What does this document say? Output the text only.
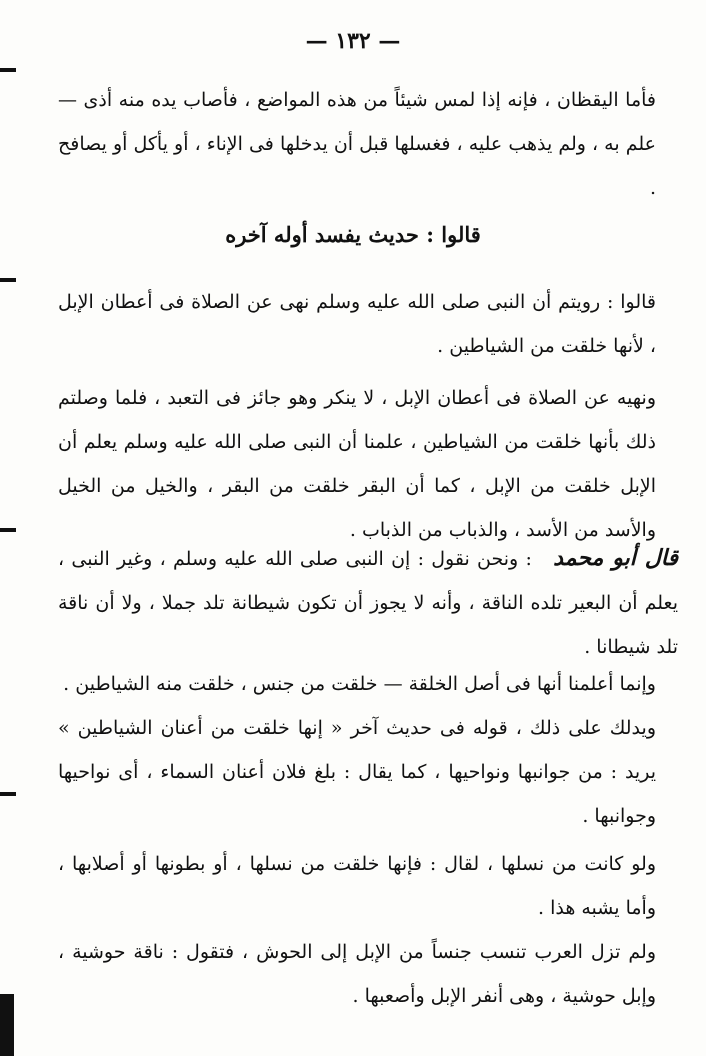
— ١٣٢ —

فأما اليقظان ، فإنه إذا لمس شيئاً من هذه المواضع ، فأصاب يده منه أذى — علم به ، ولم يذهب عليه ، فغسلها قبل أن يدخلها فى الإناء ، أو يأكل أو يصافح .

قالوا : حديث يفسد أوله آخره

قالوا : رويتم أن النبى صلى الله عليه وسلم نهى عن الصلاة فى أعطان الإبل ، لأنها خلقت من الشياطين .

ونهيه عن الصلاة فى أعطان الإبل ، لا ينكر وهو جائز فى التعبد ، فلما وصلتم ذلك بأنها خلقت من الشياطين ، علمنا أن النبى صلى الله عليه وسلم يعلم أن الإبل خلقت من الإبل ، كما أن البقر خلقت من البقر ، والخيل من الخيل والأسد من الأسد ، والذباب من الذباب .

قال أبو محمد : ونحن نقول : إن النبى صلى الله عليه وسلم ، وغير النبى ، يعلم أن البعير تلده الناقة ، وأنه لا يجوز أن تكون شيطانة تلد جملا ، ولا أن ناقة تلد شيطانا .

وإنما أعلمنا أنها فى أصل الخلقة — خلقت من جنس ، خلقت منه الشياطين .

ويدلك على ذلك ، قوله فى حديث آخر « إنها خلقت من أعنان الشياطين » يريد : من جوانبها ونواحيها ، كما يقال : بلغ فلان أعنان السماء ، أى نواحيها وجوانبها .

ولو كانت من نسلها ، لقال : فإنها خلقت من نسلها ، أو بطونها أو أصلابها ، وأما يشبه هذا .

ولم تزل العرب تنسب جنساً من الإبل إلى الحوش ، فتقول : ناقة حوشية ، وإبل حوشية ، وهى أنفر الإبل وأصعبها .
